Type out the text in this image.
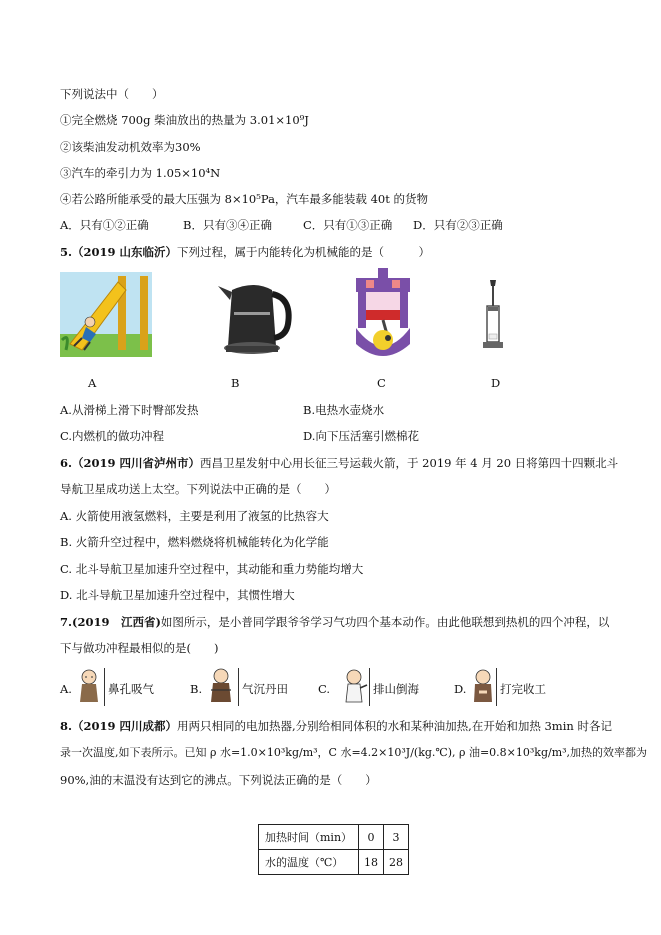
下列说法中（　　）
①完全燃烧 700g 柴油放出的热量为 3.01×10⁹J
②该柴油发动机效率为30%
③汽车的牵引力为 1.05×10⁴N
④若公路所能承受的最大压强为 8×10⁵Pa，汽车最多能装载 40t 的货物
A．只有①②正确	B．只有③④正确	C．只有①③正确 D．只有②③正确
5.（2019 山东临沂）下列过程，属于内能转化为机械能的是（　　　）
A	B	C	D
A.从滑梯上滑下时臀部发热	B.电热水壶烧水
C.内燃机的做功冲程	D.向下压活塞引燃棉花
6.（2019 四川省泸州市）西昌卫星发射中心用长征三号运载火箭，于 2019 年 4 月 20 日将第四十四颗北斗
导航卫星成功送上太空。下列说法中正确的是（　　）
A. 火箭使用液氢燃料，主要是利用了液氢的比热容大
B. 火箭升空过程中，燃料燃烧将机械能转化为化学能
C. 北斗导航卫星加速升空过程中，其动能和重力势能均增大
D. 北斗导航卫星加速升空过程中，其惯性增大
7.(2019　江西省)如图所示，是小普同学跟爷爷学习气功四个基本动作。由此他联想到热机的四个冲程，以
下与做功冲程最相似的是(　　)
A.	鼻孔吸气	B.	气沉丹田	C.	排山倒海	D.	打完收工
8.（2019 四川成都）用两只相同的电加热器,分别给相同体积的水和某种油加热,在开始和加热 3min 时各记
录一次温度,如下表所示。已知 ρ 水=1.0×10³kg/m³，C 水=4.2×10³J/(kg.℃), ρ 油=0.8×10³kg/m³,加热的效率都为
90%,油的末温没有达到它的沸点。下列说法正确的是（　　）
加热时间（min）	0	3
水的温度（℃）	18	28
